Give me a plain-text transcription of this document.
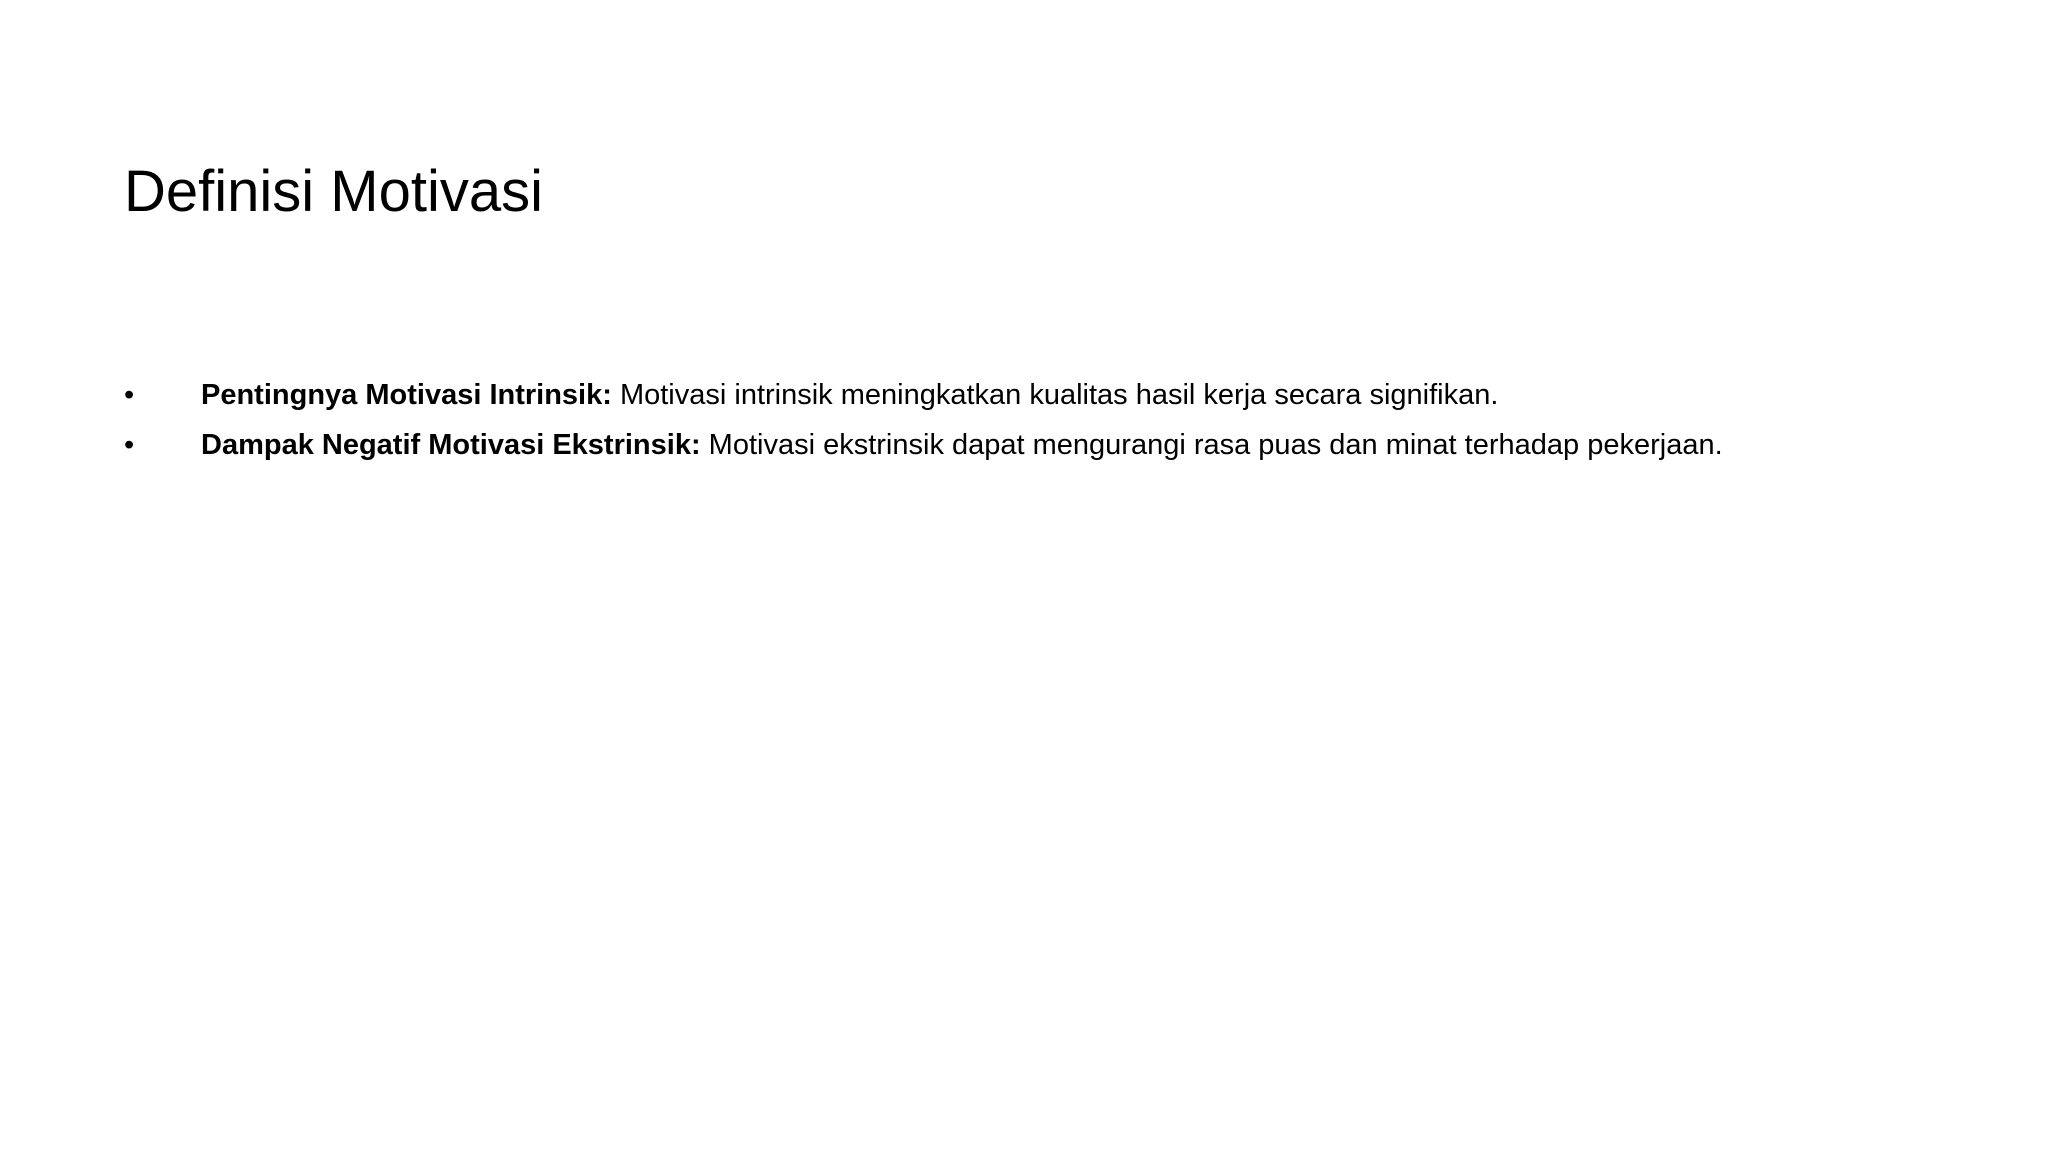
Definisi Motivasi
•	Pentingnya Motivasi Intrinsik: Motivasi intrinsik meningkatkan kualitas hasil kerja secara signifikan.
•	Dampak Negatif Motivasi Ekstrinsik: Motivasi ekstrinsik dapat mengurangi rasa puas dan minat terhadap pekerjaan.
